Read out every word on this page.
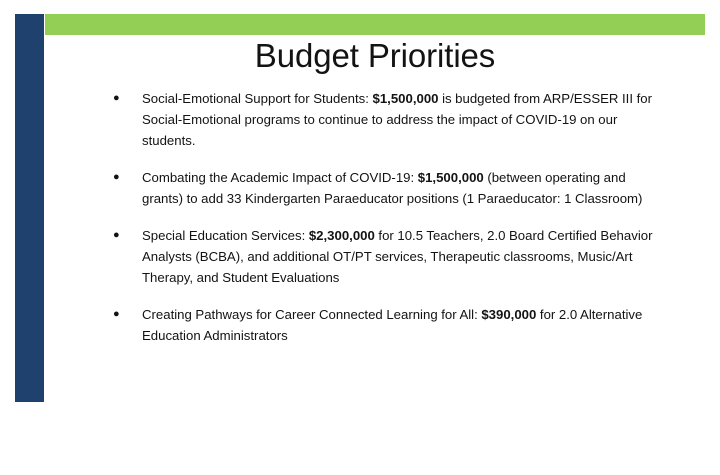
Budget Priorities
●	Social-Emotional Support for Students: $1,500,000 is budgeted from ARP/ESSER III for Social-Emotional programs to continue to address the impact of COVID-19 on our students.
●	Combating the Academic Impact of COVID-19: $1,500,000 (between operating and grants) to add 33 Kindergarten Paraeducator positions (1 Paraeducator: 1 Classroom)
●	Special Education Services: $2,300,000 for 10.5 Teachers, 2.0 Board Certified Behavior Analysts (BCBA), and additional OT/PT services, Therapeutic classrooms, Music/Art Therapy, and Student Evaluations
●	Creating Pathways for Career Connected Learning for All: $390,000 for 2.0 Alternative Education Administrators
